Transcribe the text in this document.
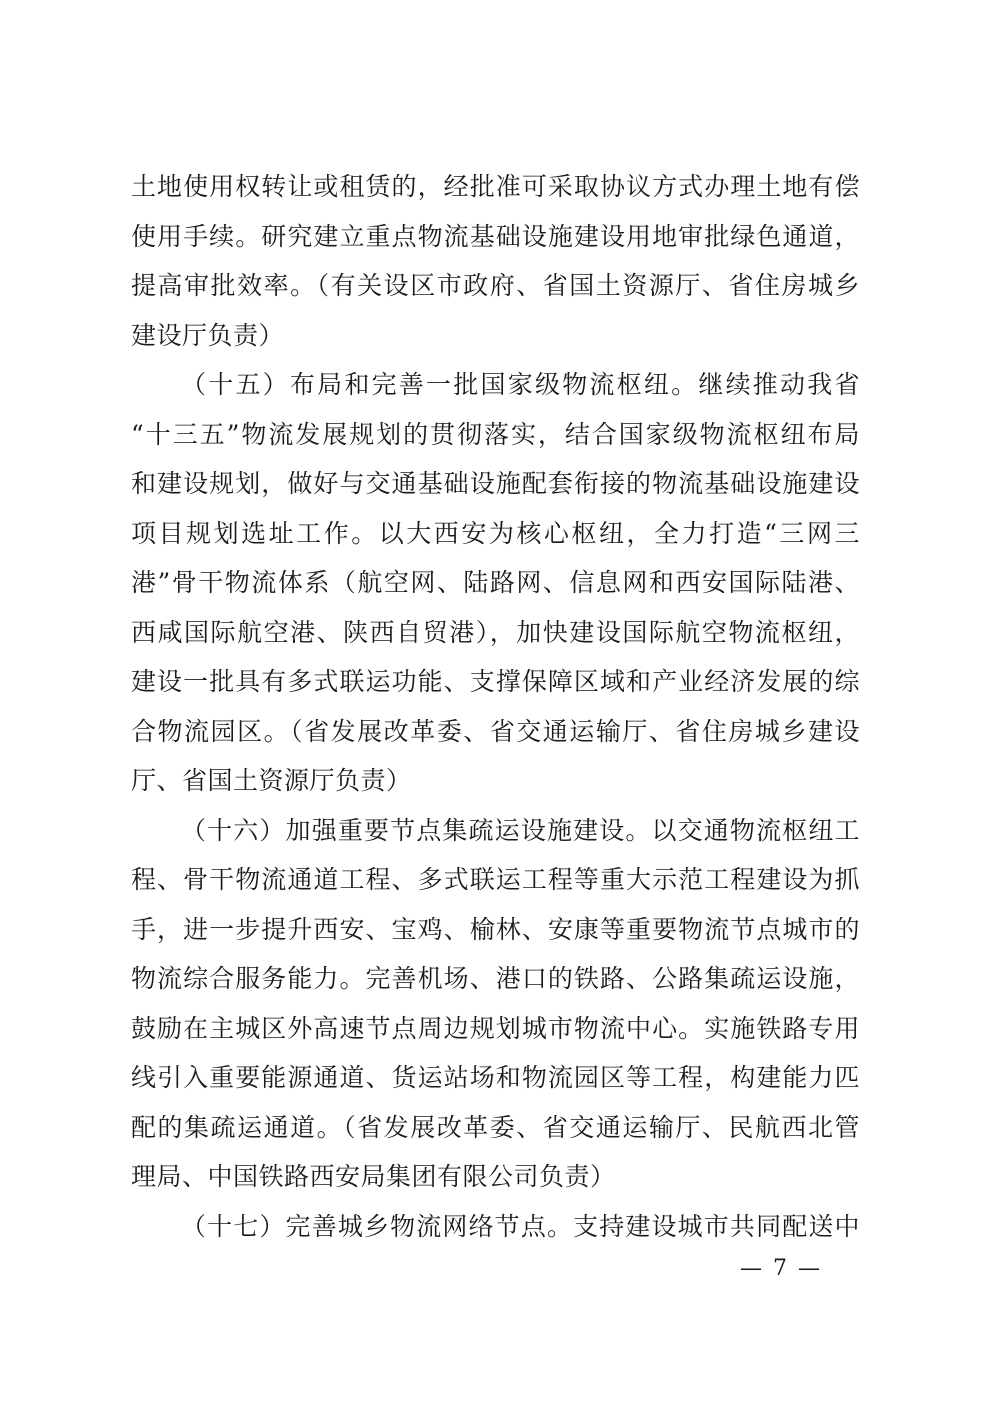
土地使用权转让或租赁的，经批准可采取协议方式办理土地有偿
使用手续。研究建立重点物流基础设施建设用地审批绿色通道，
提高审批效率。（有关设区市政府、省国土资源厅、省住房城乡
建设厅负责）
（十五）布局和完善一批国家级物流枢纽。继续推动我省
“十三五”物流发展规划的贯彻落实，结合国家级物流枢纽布局
和建设规划，做好与交通基础设施配套衔接的物流基础设施建设
项目规划选址工作。以大西安为核心枢纽，全力打造“三网三
港”骨干物流体系（航空网、陆路网、信息网和西安国际陆港、
西咸国际航空港、陕西自贸港），加快建设国际航空物流枢纽，
建设一批具有多式联运功能、支撑保障区域和产业经济发展的综
合物流园区。（省发展改革委、省交通运输厅、省住房城乡建设
厅、省国土资源厅负责）
（十六）加强重要节点集疏运设施建设。以交通物流枢纽工
程、骨干物流通道工程、多式联运工程等重大示范工程建设为抓
手，进一步提升西安、宝鸡、榆林、安康等重要物流节点城市的
物流综合服务能力。完善机场、港口的铁路、公路集疏运设施，
鼓励在主城区外高速节点周边规划城市物流中心。实施铁路专用
线引入重要能源通道、货运站场和物流园区等工程，构建能力匹
配的集疏运通道。（省发展改革委、省交通运输厅、民航西北管
理局、中国铁路西安局集团有限公司负责）
（十七）完善城乡物流网络节点。支持建设城市共同配送中
— 7 —
